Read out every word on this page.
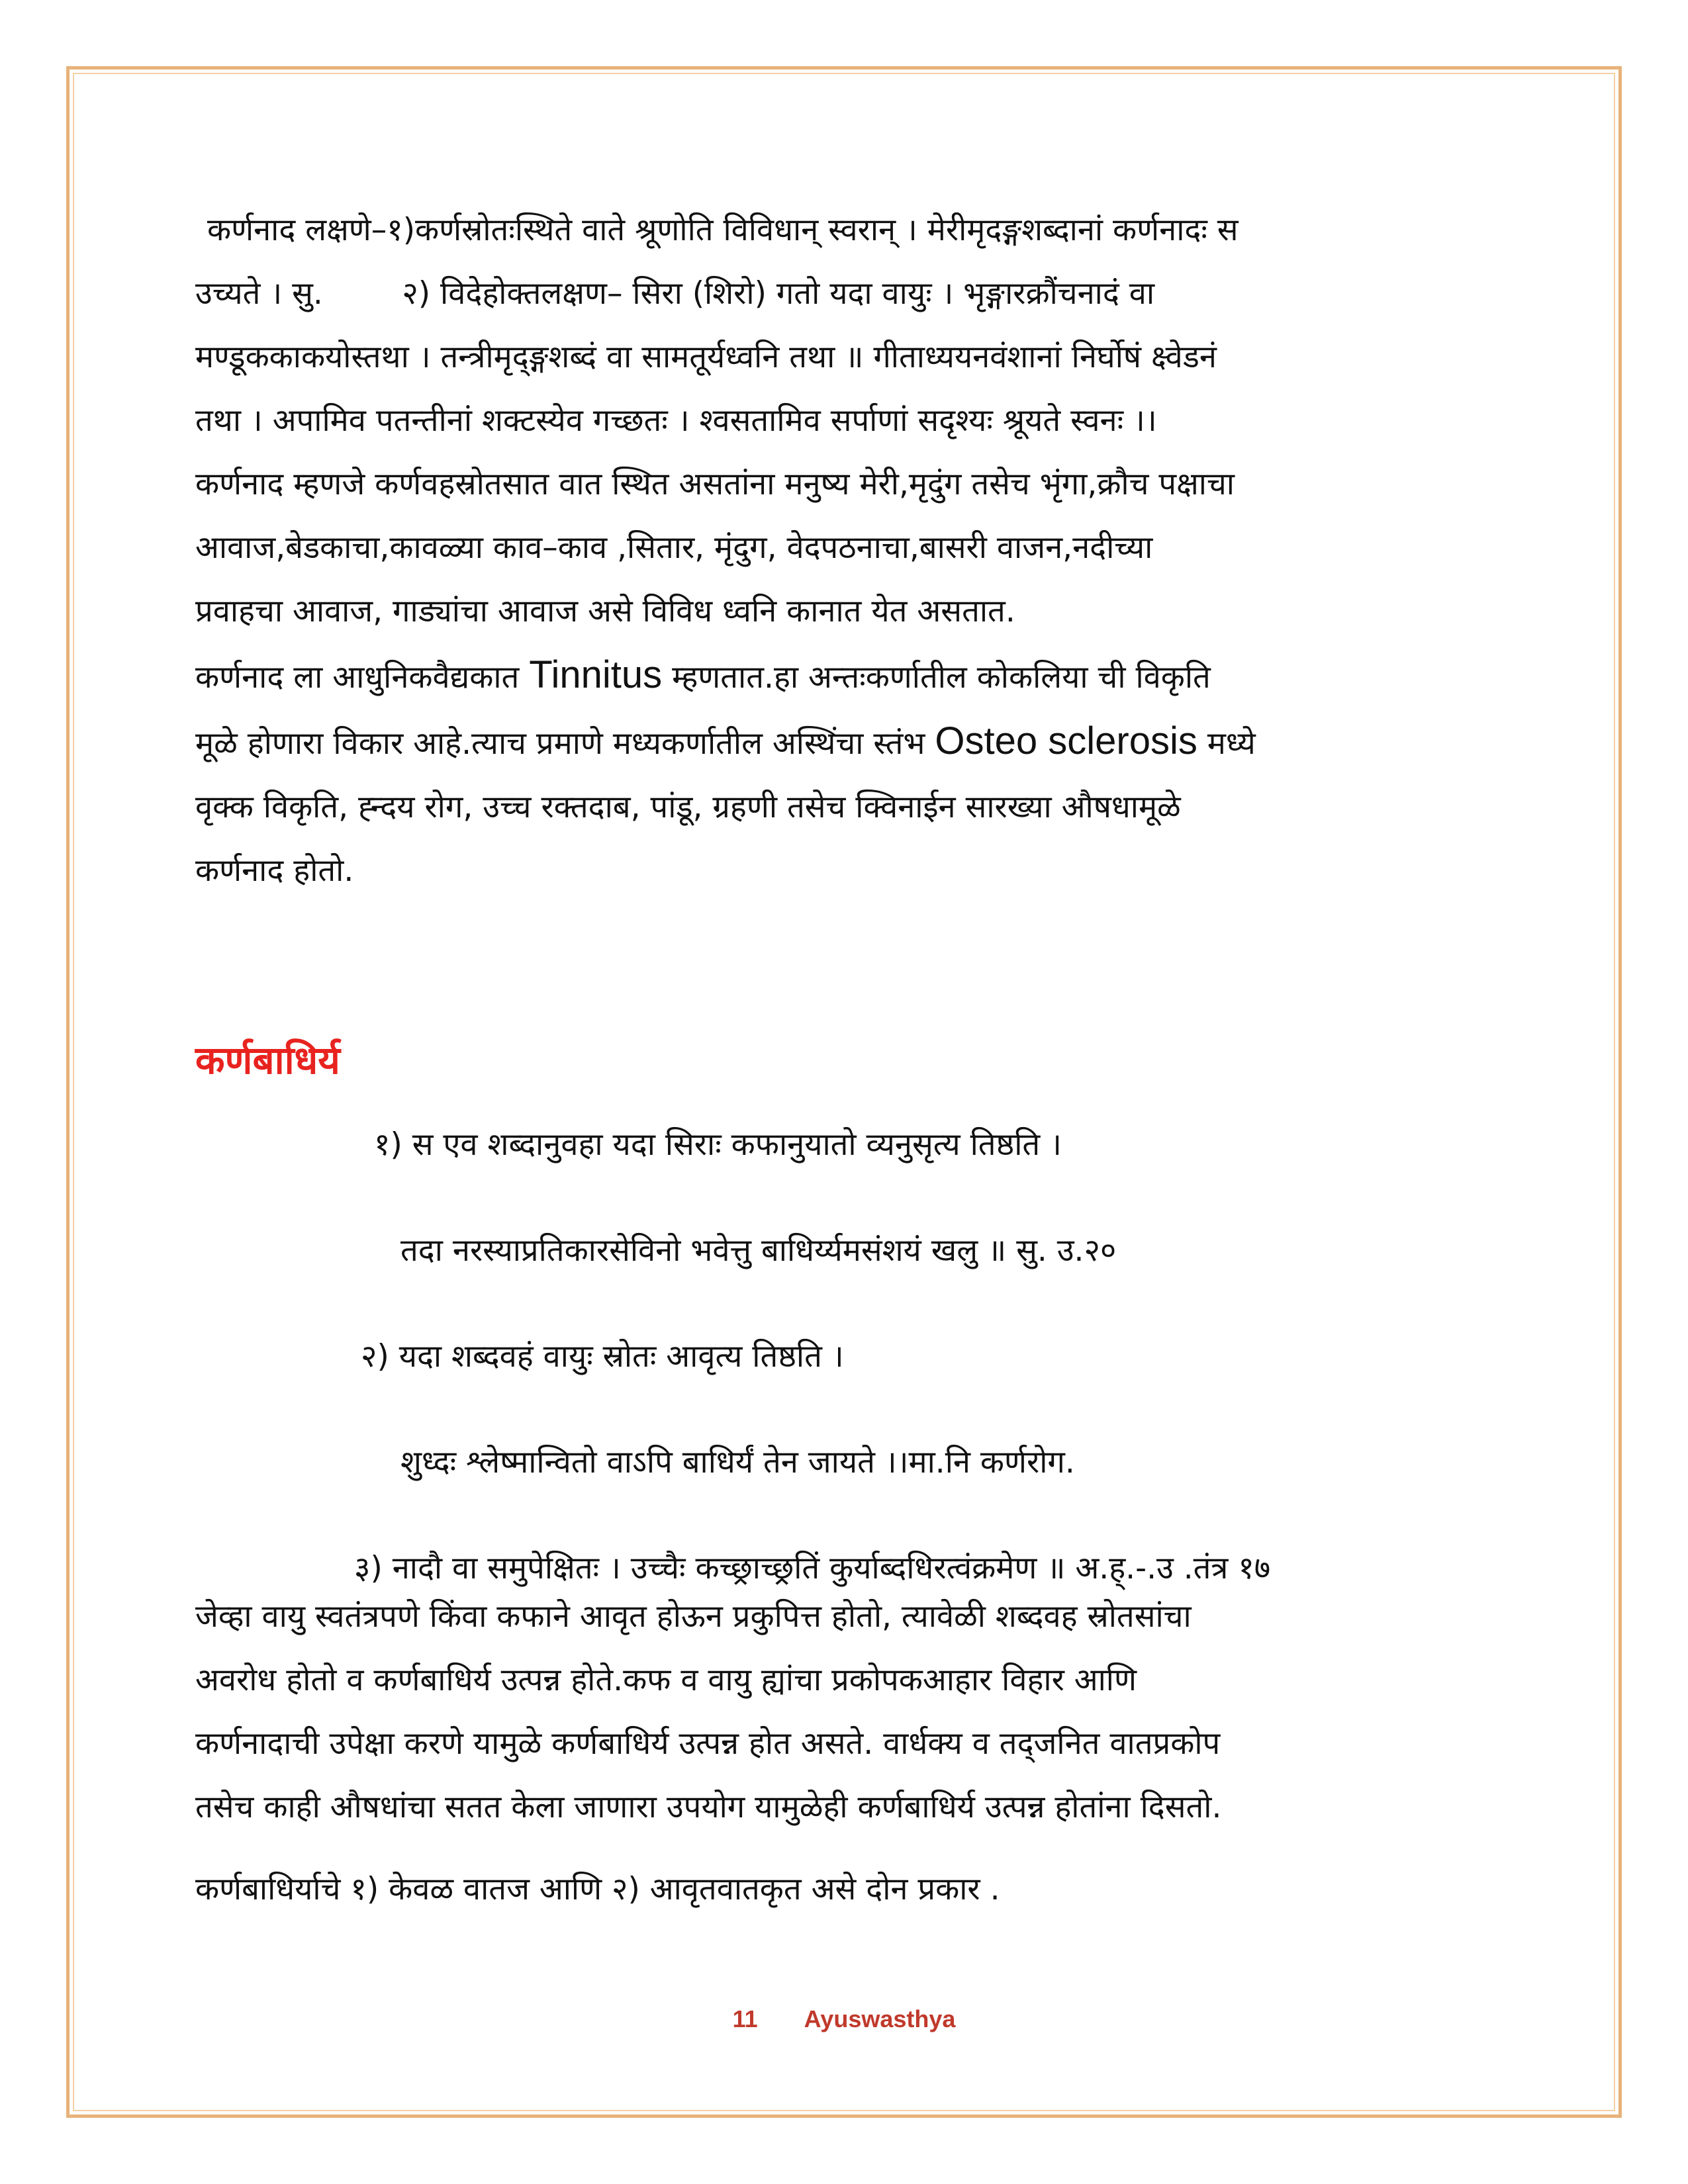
कर्णनाद लक्षणे–१)कर्णस्रोतःस्थिते वाते श्रूणोति विविधान् स्वरान् । मेरीमृदङ्गशब्दानां कर्णनादः स

उच्यते । सु.        २) विदेहोक्तलक्षण– सिरा (शिरो) गतो यदा वायुः । भृङ्गारक्रौंचनादं वा

मण्डूककाकयोस्तथा । तन्त्रीमृद्ङ्गशब्दं वा सामतूर्यध्वनि तथा ॥ गीताध्ययनवंशानां निर्घोषं क्ष्वेडनं

तथा । अपामिव पतन्तीनां शक्टस्येव गच्छतः । श्वसतामिव सर्पाणां सदृश्यः श्रूयते स्वनः ।।

कर्णनाद म्हणजे कर्णवहस्रोतसात वात स्थित असतांना मनुष्य मेरी,मृदुंग तसेच भृंगा,क्रौच पक्षाचा

आवाज,बेडकाचा,कावळ्या काव–काव ,सितार, मृंदुग, वेदपठनाचा,बासरी वाजन,नदीच्या

प्रवाहचा आवाज, गाड्यांचा आवाज असे विविध ध्वनि कानात येत असतात.

कर्णनाद ला आधुनिकवैद्यकात Tinnitus म्हणतात.हा अन्तःकर्णातील कोकलिया ची विकृति

मूळे होणारा विकार आहे.त्याच प्रमाणे मध्यकर्णातील अस्थिंचा स्तंभ Osteo sclerosis मध्ये

वृक्क विकृति, ह्न्दय रोग, उच्च रक्तदाब, पांडू, ग्रहणी तसेच क्विनाईन सारख्या औषधामूळे

कर्णनाद होतो.

कर्णबाधिर्य

१) स एव शब्दानुवहा यदा सिराः कफानुयातो व्यनुसृत्य तिष्ठति ।

तदा नरस्याप्रतिकारसेविनो भवेत्तु बाधिर्य्यमसंशयं खलु ॥ सु. उ.२०

२) यदा शब्दवहं वायुः स्रोतः आवृत्य तिष्ठति ।

शुध्दः श्लेष्मान्वितो वाऽपि बाधिर्यं तेन जायते ।।मा.नि कर्णरोग.

३) नादौ वा समुपेक्षितः । उच्चैः कच्छ्राच्छ्रतिं कुर्याब्दधिरत्वंक्रमेण ॥ अ.ह्.-.उ .तंत्र १७

जेव्हा वायु स्वतंत्रपणे किंवा कफाने आवृत होऊन प्रकुपित्त होतो, त्यावेळी शब्दवह स्रोतसांचा
अवरोध होतो व कर्णबाधिर्य उत्पन्न होते.कफ व वायु ह्यांचा प्रकोपकआहार विहार आणि
कर्णनादाची उपेक्षा करणे यामुळे कर्णबाधिर्य उत्पन्न होत असते. वार्धक्य व तद्जनित वातप्रकोप
तसेच काही औषधांचा सतत केला जाणारा उपयोग यामुळेही कर्णबाधिर्य उत्पन्न होतांना दिसतो.

कर्णबाधिर्याचे १) केवळ वातज आणि २) आवृतवातकृत असे दोन प्रकार .

11 Ayuswasthya
